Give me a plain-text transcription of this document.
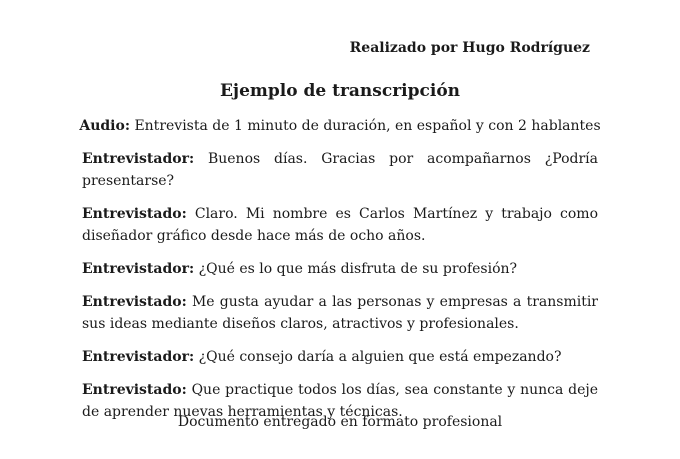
Realizado por Hugo Rodríguez
Ejemplo de transcripción
Audio: Entrevista de 1 minuto de duración, en español y con 2 hablantes

Entrevistador: Buenos días. Gracias por acompañarnos ¿Podría presentarse?

Entrevistado: Claro. Mi nombre es Carlos Martínez y trabajo como diseñador gráfico desde hace más de ocho años.

Entrevistador: ¿Qué es lo que más disfruta de su profesión?

Entrevistado: Me gusta ayudar a las personas y empresas a transmitir sus ideas mediante diseños claros, atractivos y profesionales.

Entrevistador: ¿Qué consejo daría a alguien que está empezando?

Entrevistado: Que practique todos los días, sea constante y nunca deje de aprender nuevas herramientas y técnicas.

Documento entregado en formato profesional
